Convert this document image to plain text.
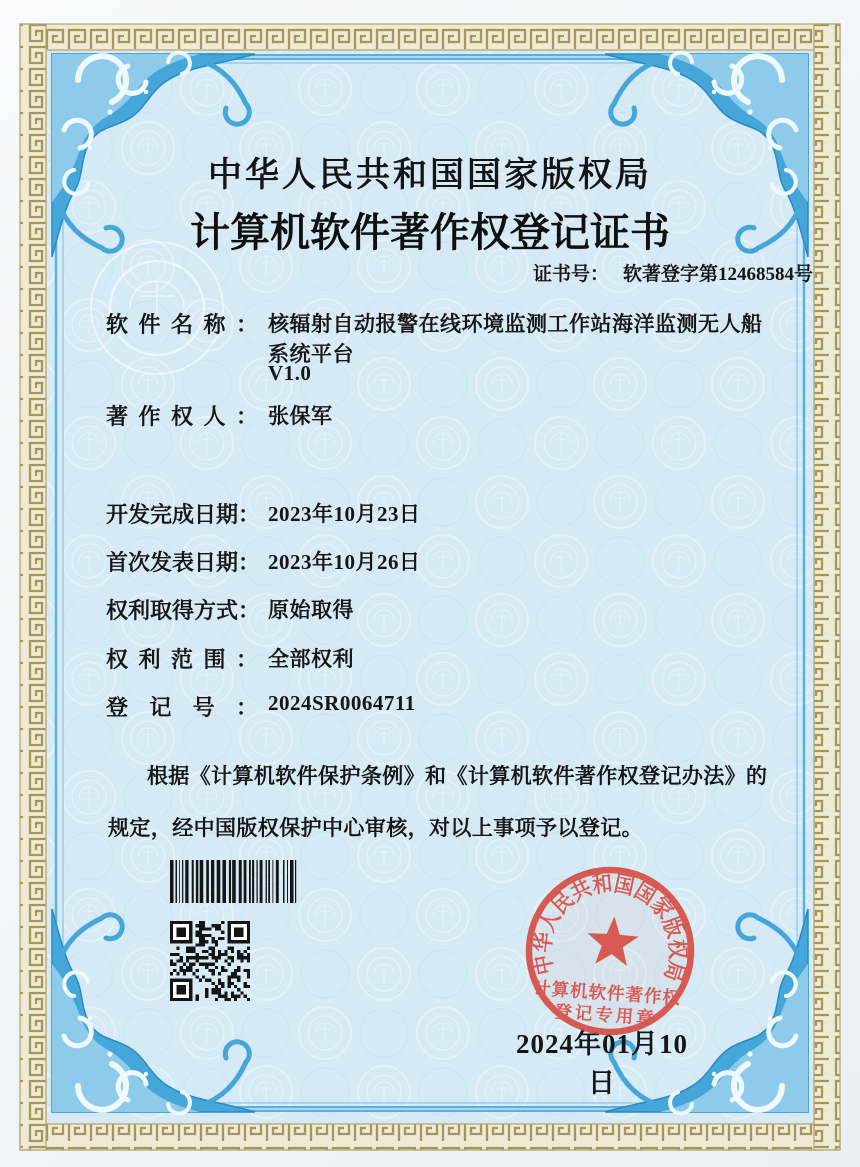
中华人民共和国国家版权局
计算机软件著作权登记证书
证书号： 软著登字第12468584号
软件名称： 核辐射自动报警在线环境监测工作站海洋监测无人船
系统平台
V1.0
著作权人： 张保军
开发完成日期： 2023年10月23日
首次发表日期： 2023年10月26日
权利取得方式： 原始取得
权利范围： 全部权利
登记号： 2024SR0064711
根据《计算机软件保护条例》和《计算机软件著作权登记办法》的
规定，经中国版权保护中心审核，对以上事项予以登记。
中华人民共和国国家版权局
计算机软件著作权
登记专用章
2024年01月10日
